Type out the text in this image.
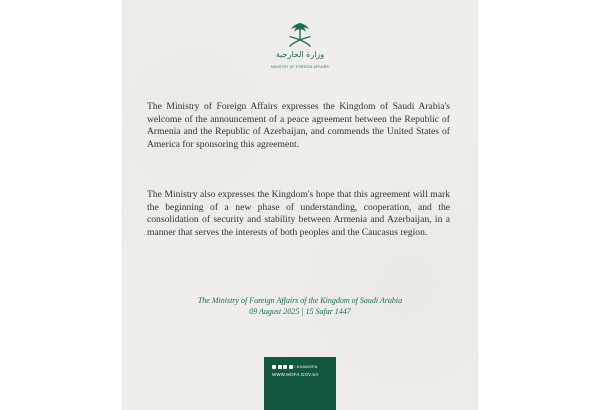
وزارة الخارجية
MINISTRY OF FOREIGN AFFAIRS

The Ministry of Foreign Affairs expresses the Kingdom of Saudi Arabia's welcome of the announcement of a peace agreement between the Republic of Armenia and the Republic of Azerbaijan, and commends the United States of America for sponsoring this agreement.

The Ministry also expresses the Kingdom's hope that this agreement will mark the beginning of a new phase of understanding, cooperation, and the consolidation of security and stability between Armenia and Azerbaijan, in a manner that serves the interests of both peoples and the Caucasus region.

The Ministry of Foreign Affairs of the Kingdom of Saudi Arabia
09 August 2025 | 15 Safar 1447
/ KSAMOFA
WWW.MOFA.GOV.SA
